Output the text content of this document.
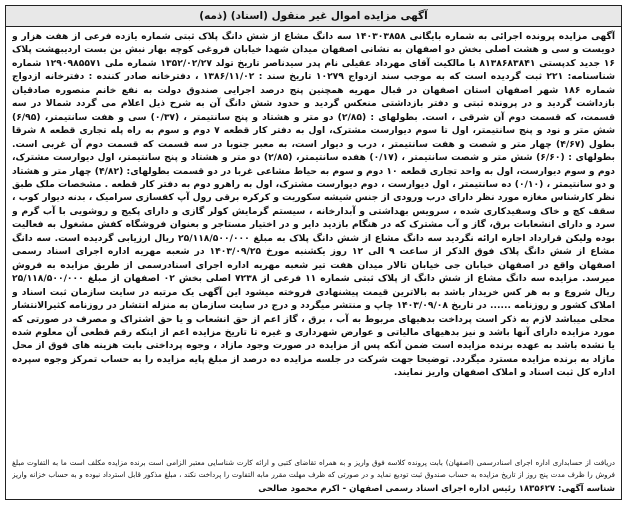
آگهی مزایده اموال غیر منقول (اسناد) (ذمه)

آگهی مزایده پرونده اجرائی به شماره بایگانی ۱۴۰۳۰۳۸۵۸ سه دانگ مشاع از شش دانگ پلاک ثبتی شماره یازده فرعی از هفت هزار و دویست و سی و هشت اصلی بخش دو اصفهان به نشانی اصفهان میدان شهدا خیابان فروغی کوچه بهار نبش بن بست ارديبهشت پلاک ۱۶ جديد کدپستی ۸۱۳۸۶۸۳۸۴۱ با مالکیت آقای مهرداد عقیلی نام پدر سیدناصر تاریخ تولد ۱۳۵۲/۰۲/۲۷ شماره ملی ۱۲۹۰۹۸۵۵۷۱ شماره شناسنامه: ۲۲۱ ثبت گردیده است که به موجب سند ازدواج ۱۰۲۷۹ تاریخ سند : ۱۳۸۶/۱۱/۰۲ ، دفترخانه صادر کننده : دفترخانه ازدواج شماره ۱۸۶ شهر اصفهان استان اصفهان در قبال مهریه همچنین پنج درصد اجرایی صندوق دولت به نفع خانم منصوره صادقیان بازداشت گردید و در پرونده ثبتی و دفتر بازداشتی منعکس گردید و حدود شش دانگ آن به شرح ذیل اعلام می گردد شمالا در سه قسمت، که قسمت دوم آن شرقی ، است. بطولهای : (۲/۸۵) دو متر و هشتاد و پنج سانتیمتر ، (۰/۳۷) سی و هفت سانتیمتر، (۶/۹۵) شش متر و نود و پنج سانتیمتر، اول تا سوم دیوارست مشترک، اول به دفتر کار قطعه ۷ دوم و سوم به راه پله تجاری قطعه ۸ شرقا بطول (۴/۶۷) چهار متر و شصت و هفت سانتیمتر ، درب و دیوار است، به معبر جنوبا در سه قسمت که قسمت دوم آن غربی است. بطولهای : (۶/۶۰) شش متر و شصت سانتیمتر ، (۰/۱۷) هفده سانتیمتر، (۲/۸۵) دو متر و هشتاد و پنج سانتیمتر، اول دیوارست مشترک، دوم و سوم دیوارست، اول به واحد تجاری قطعه ۱۰ دوم و سوم به حیاط مشاعی غربا در دو قسمت بطولهای: (۴/۸۲) چهار متر و هشتاد و دو سانتیمتر ، (۰/۱۰) ده سانتیمتر ، اول دیوارست ، دوم دیوارست مشترک، اول به راهرو دوم به دفتر کار قطعه . مشخصات ملک طبق نظر کارشناس مغازه مورد نظر دارای درب ورودی از جنس شیشه سکوریت و کرکره برقی رول آپ کفسازی سرامیک ، بدنه دیوار کوب ، سقف کچ و خاک وسفیدکاری شده ، سرویس بهداشتی و آبدارخانه ، سیستم گرمایش کولر گازی و دارای پکیج و روشویی با آب گرم و سرد و دارای انشعابات برق، گاز و آب مشترک که در هنگام بازدید دایر و در اختیار مستاجر و بعنوان فروشگاه کفش مشغول به فعالیت بوده ولیکن قرارداد اجاره ارائه نگردید سه دانگ مشاع از شش دانگ پلاک به مبلغ ۲۵/۱۱۸/۵۰۰/۰۰۰ ریال ارزیابی گردیده است. سه دانگ مشاع از شش دانگ پلاک فوق الذکر از ساعت ۹ الی ۱۲ روز یکشنبه مورخ ۱۴۰۳/۰۹/۲۵ در شعبه مهریه اداره اجرای اسناد رسمی اصفهان واقع در اصفهان خیابان جی خیابان تالار میدان هفت تیر شعبه مهریه اداره اجرای اسنادرسمی از طریق مزایده به فروش میرسد. مزایده سه دانگ مشاع از شش دانگ از پلاک ثبتی شماره ۱۱ فرعی از ۷۲۳۸ اصلی بخش ۰۲ اصفهان از مبلغ ۲۵/۱۱۸/۵۰۰/۰۰۰ ریال شروع و به هر کس خریدار باشد به بالاترین قیمت پیشنهادی فروخته میشود این آگهی یک مرتبه در سایت سازمان ثبت اسناد و املاک کشور و روزنامه ...... در تاریخ ۱۴۰۳/۰۹/۰۸ چاپ و منتشر میگردد و درج در سایت سازمان به منزله انتشار در روزنامه کثیرالانتشار محلی میباشد لازم به ذکر است پرداخت بدهیهای مربوط به آب ، برق ، گاز اعم از حق انشعاب و یا حق اشتراک و مصرف در صورتی که مورد مزایده دارای آنها باشد و نیز بدهیهای مالیاتی و عوارض شهرداری و غیره تا تاریخ مزایده اعم از اینکه رقم قطعی آن معلوم شده یا نشده باشد به عهده برنده مزایده است ضمن آنکه پس از مزایده در صورت وجود مازاد ، وجوه پرداختی بابت هزینه های فوق از محل مازاد به برنده مزایده مسترد میگردد. توضیحا جهت شرکت در جلسه مزایده ده درصد از مبلغ پایه مزایده را به حساب تمرکز وجوه سپرده اداره کل ثبت اسناد و املاک اصفهان واریز نمایند.

دریافت از حسابداری اداره اجرای اسنادرسمی (اصفهان) بابت پرونده کلاسه فوق واریز و به همراه تقاضای کتبی و ارائه کارت شناسایی معتبر الزامی است برنده مزایده مکلف است ما به التفاوت مبلغ فروش را ظرف مدت پنج روز از تاریخ مزایده به حساب صندوق ثبت تودیع نماید و در صورتی که ظرف مهلت مقرر مابه التفاوت را پرداخت نکند ، مبلغ مذکور قابل استرداد نبوده و به حساب خزانه واریز
شناسه آگهی: ۱۸۳۵۶۲۷ رئیس اداره اجرای اسناد رسمی اصفهان - اکرم محمود صالحی
